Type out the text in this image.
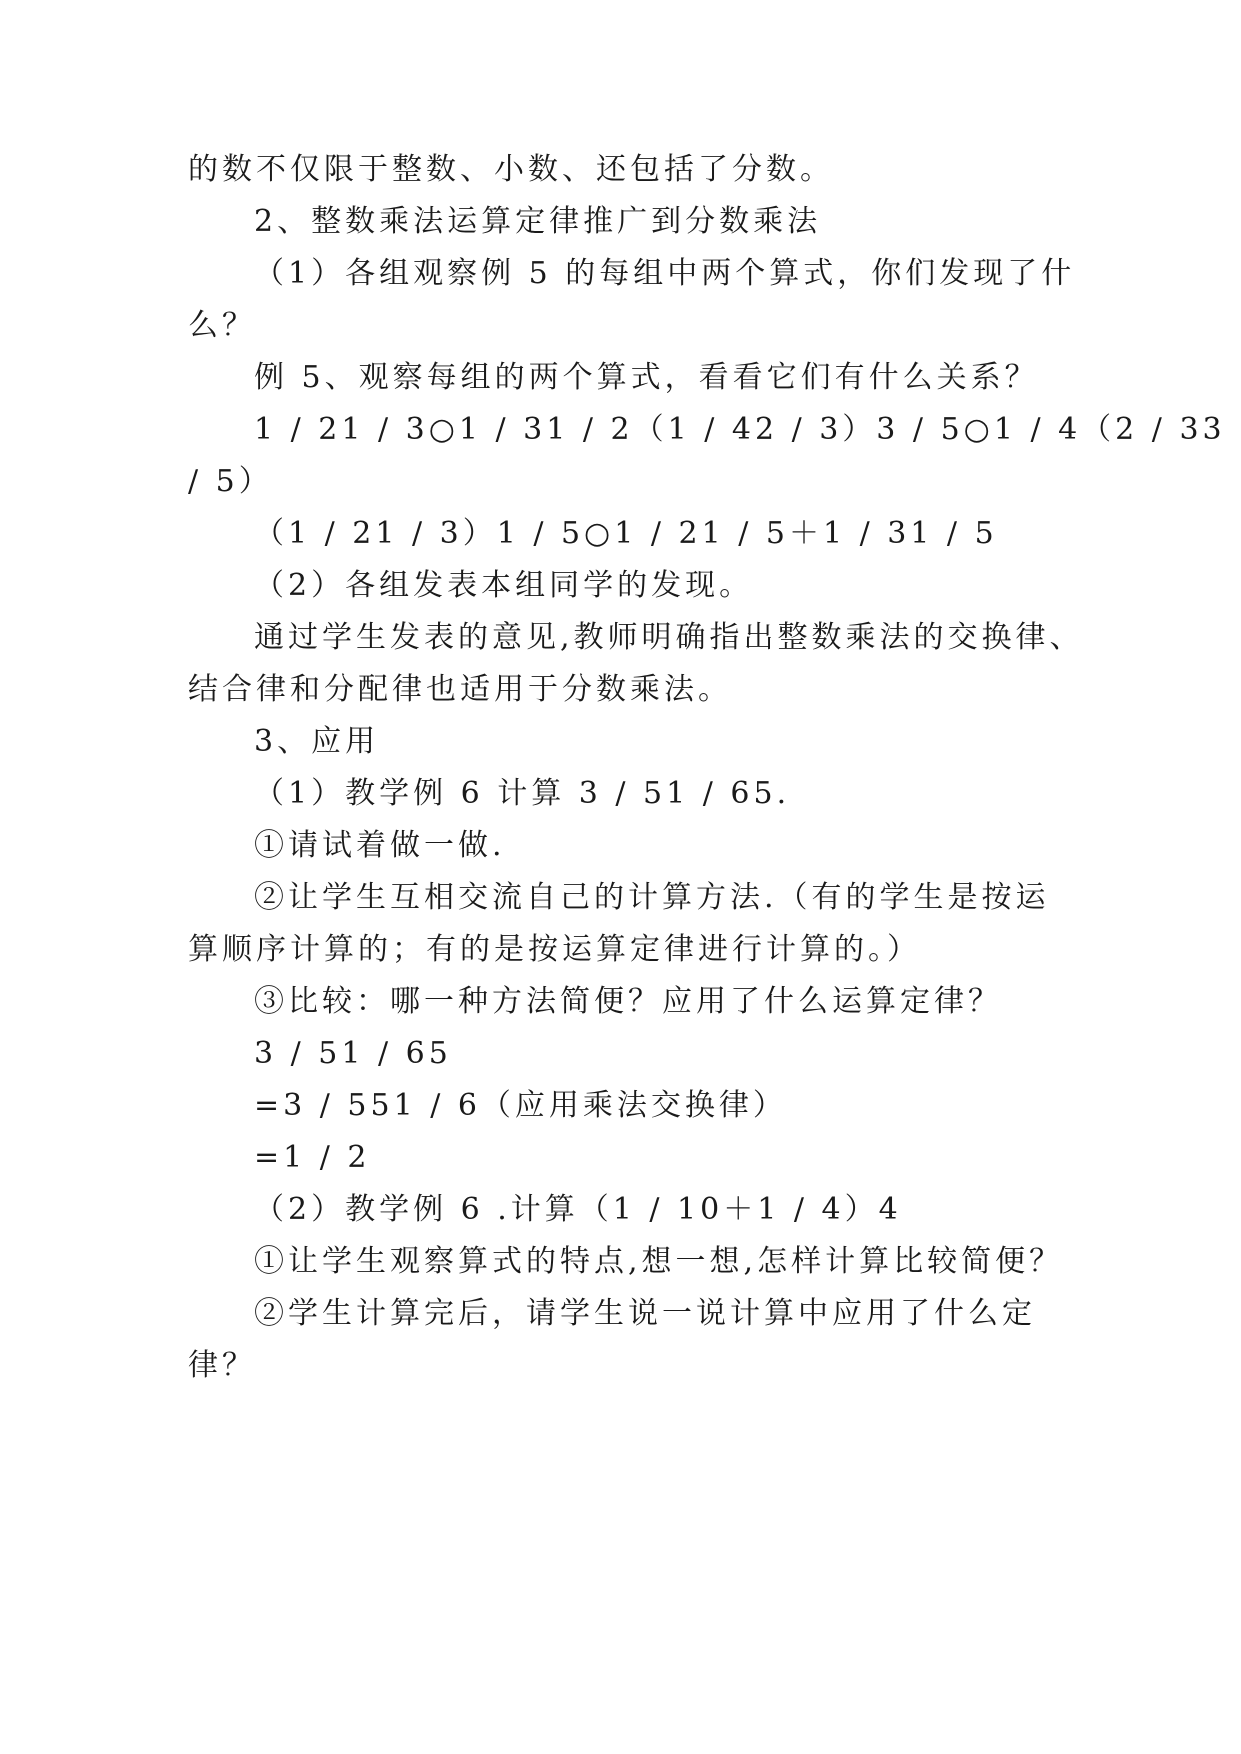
的数不仅限于整数、小数、还包括了分数。
2、整数乘法运算定律推广到分数乘法
（1）各组观察例 5 的每组中两个算式，你们发现了什
么？
例 5、观察每组的两个算式，看看它们有什么关系？
1 / 21 / 3○1 / 31 / 2（1 / 42 / 3）3 / 5○1 / 4（2 / 33
/ 5）
（1 / 21 / 3）1 / 5○1 / 21 / 5＋1 / 31 / 5
（2）各组发表本组同学的发现。
通过学生发表的意见,教师明确指出整数乘法的交换律、
结合律和分配律也适用于分数乘法。
3、应用
（1）教学例 6 计算 3 / 51 / 65.
①请试着做一做.
②让学生互相交流自己的计算方法.（有的学生是按运
算顺序计算的；有的是按运算定律进行计算的。）
③比较：哪一种方法简便？应用了什么运算定律？
3 / 51 / 65
=3 / 551 / 6（应用乘法交换律）
=1 / 2
（2）教学例 6 .计算（1 / 10＋1 / 4）4
①让学生观察算式的特点,想一想,怎样计算比较简便？
②学生计算完后，请学生说一说计算中应用了什么定
律？
